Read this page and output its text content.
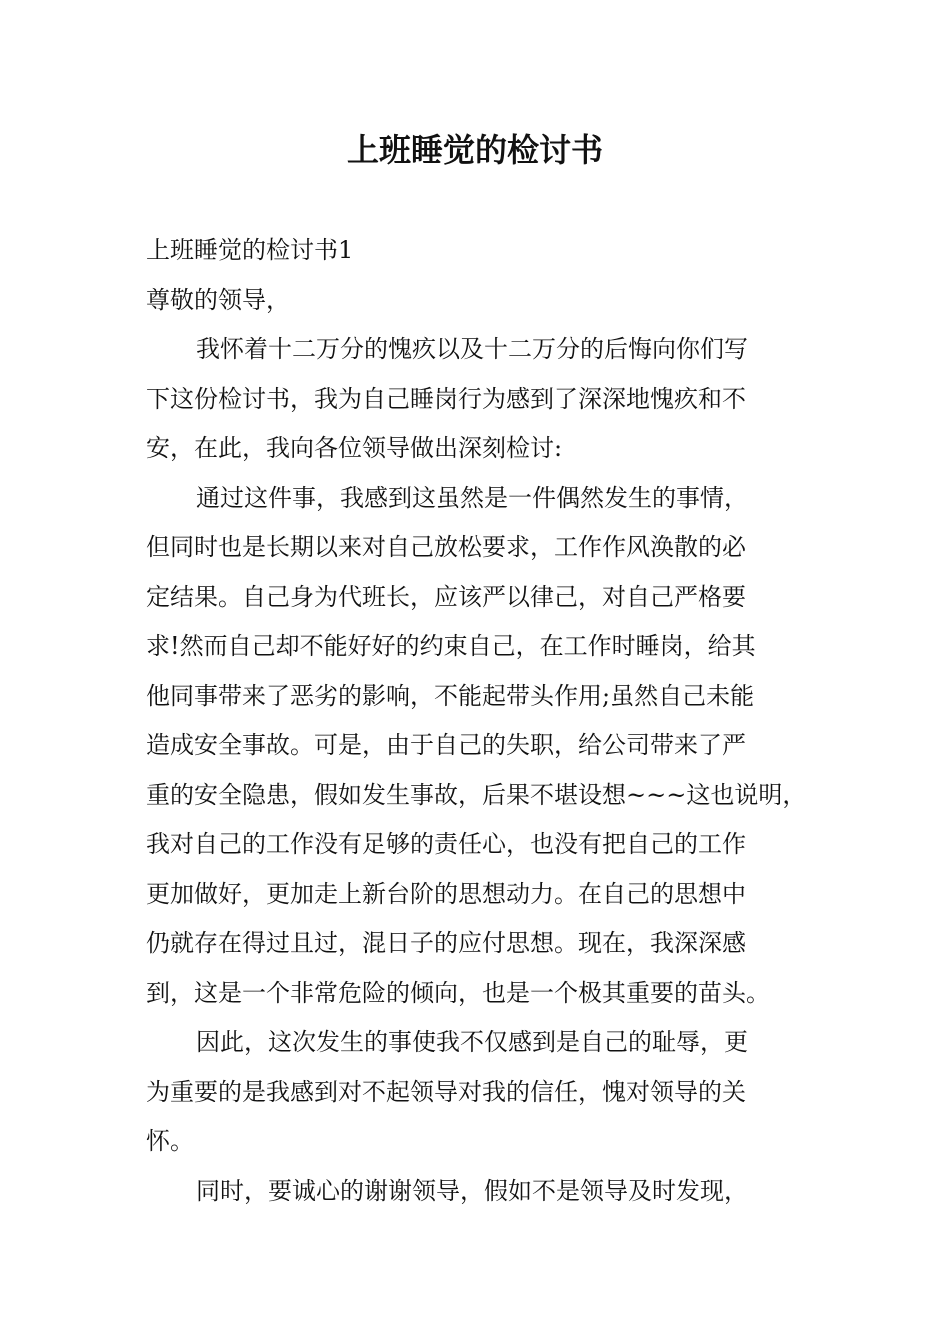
上班睡觉的检讨书

上班睡觉的检讨书1

尊敬的领导，

我怀着十二万分的愧疚以及十二万分的后悔向你们写

下这份检讨书，我为自己睡岗行为感到了深深地愧疚和不

安，在此，我向各位领导做出深刻检讨:

通过这件事，我感到这虽然是一件偶然发生的事情，

但同时也是长期以来对自己放松要求，工作作风涣散的必

定结果。自己身为代班长，应该严以律己，对自己严格要

求!然而自己却不能好好的约束自己，在工作时睡岗，给其

他同事带来了恶劣的影响，不能起带头作用;虽然自己未能

造成安全事故。可是，由于自己的失职，给公司带来了严

重的安全隐患，假如发生事故，后果不堪设想~~~这也说明，

我对自己的工作没有足够的责任心，也没有把自己的工作

更加做好，更加走上新台阶的思想动力。在自己的思想中

仍就存在得过且过，混日子的应付思想。现在，我深深感

到，这是一个非常危险的倾向，也是一个极其重要的苗头。

因此，这次发生的事使我不仅感到是自己的耻辱，更

为重要的是我感到对不起领导对我的信任，愧对领导的关

怀。

同时，要诚心的谢谢领导，假如不是领导及时发现，
